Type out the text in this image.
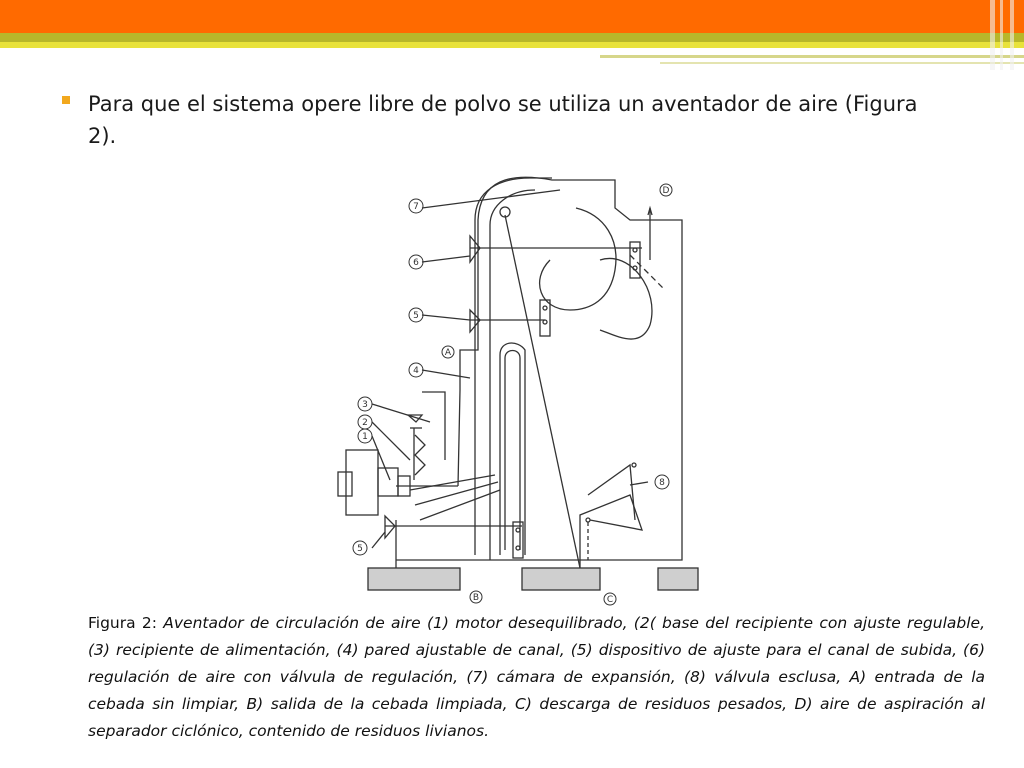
Para que el sistema opere libre de polvo se utiliza un aventador de aire (Figura 2).
7
6
5
4
3
2
1
5
8
A
B	C
D
Figura 2: Aventador de circulación de aire (1) motor desequilibrado, (2( base del recipiente con ajuste regulable, (3) recipiente de alimentación, (4) pared ajustable de canal, (5) dispositivo de ajuste para el canal de subida, (6) regulación de aire con válvula de regulación, (7) cámara de expansión, (8) válvula esclusa, A) entrada de la cebada sin limpiar, B) salida de la cebada limpiada, C) descarga de residuos pesados, D) aire de aspiración al separador ciclónico, contenido de residuos livianos.
